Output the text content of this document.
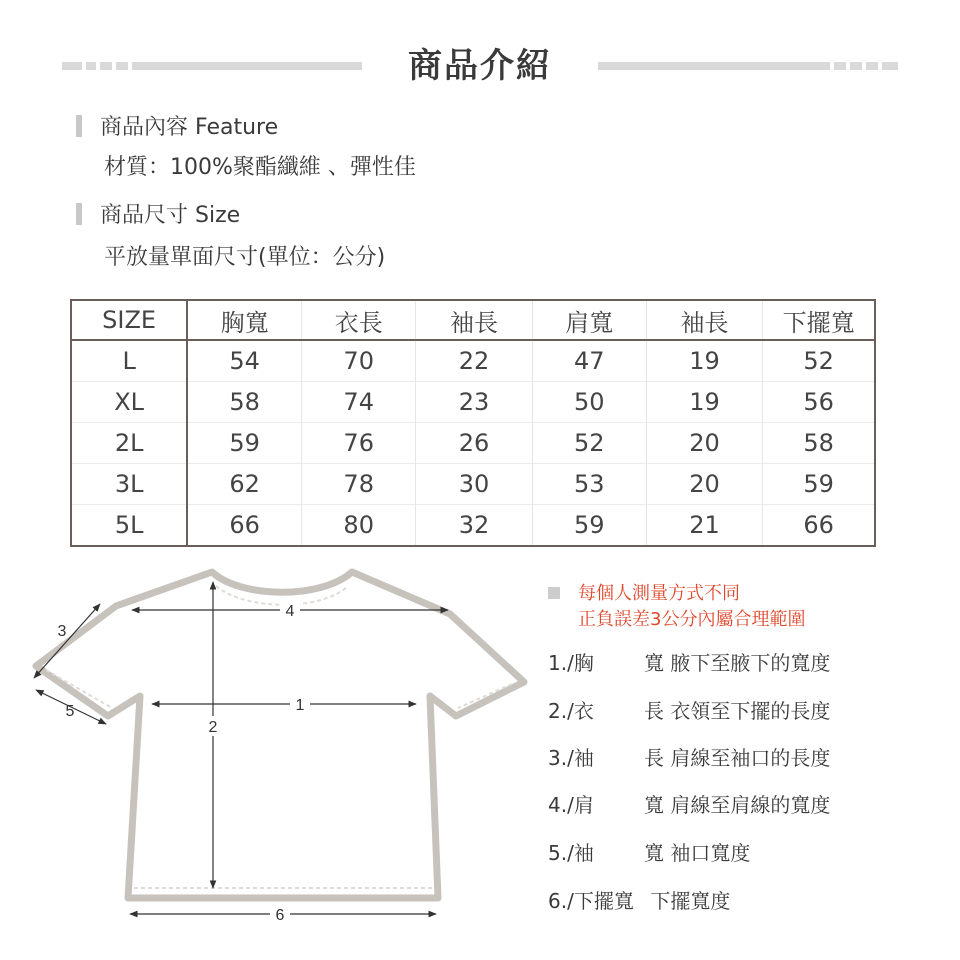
商品介紹
商品內容 Feature
材質：100%聚酯纖維 、彈性佳
商品尺寸 Size
平放量單面尺寸(單位：公分)
SIZE	胸寬	衣長	袖長	肩寬	袖長	下擺寬
L	54	70	22	47	19	52
XL	58	74	23	50	19	56
2L	59	76	26	52	20	58
3L	62	78	30	53	20	59
5L	66	80	32	59	21	66
4
1
2
3
5
6
每個人測量方式不同
正負誤差3公分內屬合理範圍
1./胸	寬 腋下至腋下的寬度
2./衣	長 衣領至下擺的長度
3./袖	長 肩線至袖口的長度
4./肩	寬 肩線至肩線的寬度
5./袖	寬 袖口寬度
6./下擺寬 下擺寬度
